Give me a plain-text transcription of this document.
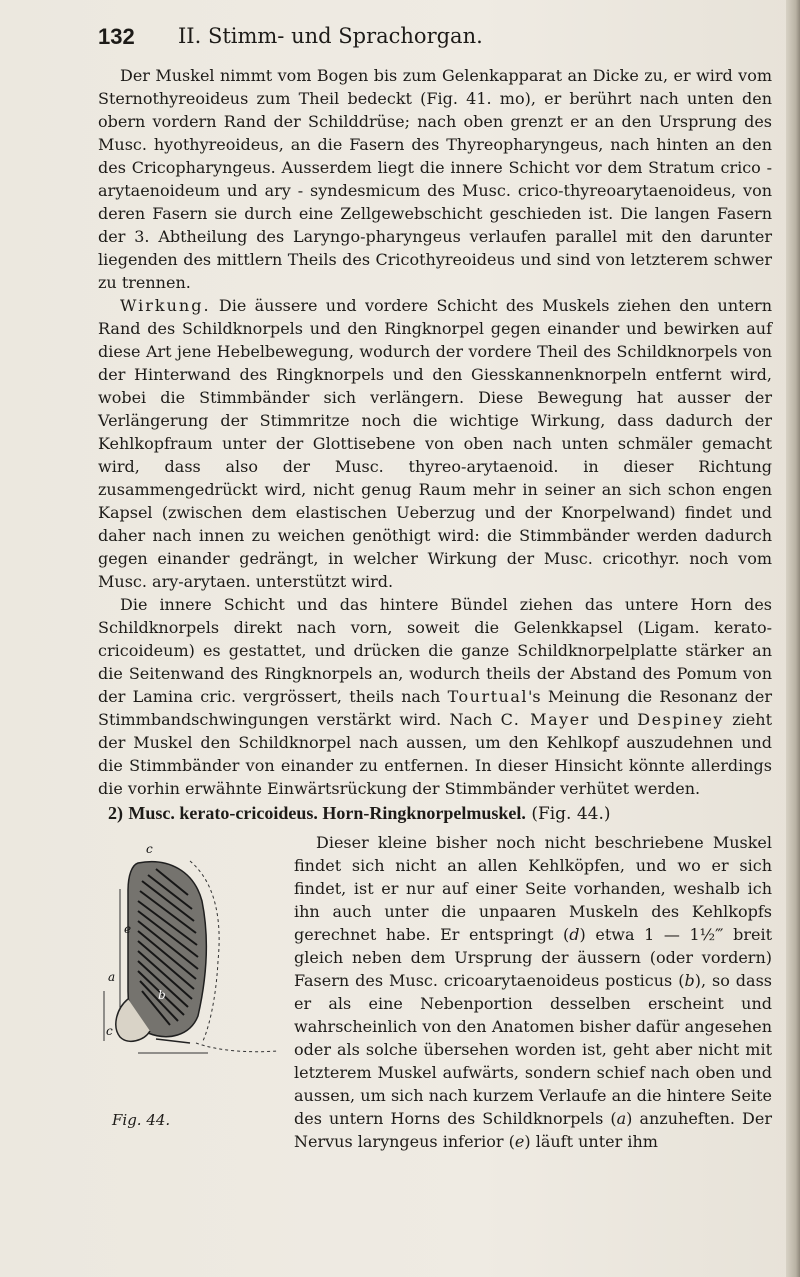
132 II. Stimm- und Sprachorgan.

Der Muskel nimmt vom Bogen bis zum Gelenkapparat an Dicke zu, er wird vom Sternothyreoideus zum Theil bedeckt (Fig. 41. mo), er berührt nach unten den obern vordern Rand der Schilddrüse; nach oben grenzt er an den Ursprung des Musc. hyothyreoideus, an die Fasern des Thyreopharyngeus, nach hinten an den des Cricopharyngeus. Ausserdem liegt die innere Schicht vor dem Stratum crico - arytaenoideum und ary - syndesmicum des Musc. crico-thyreoarytaenoideus, von deren Fasern sie durch eine Zellgewebschicht geschieden ist. Die langen Fasern der 3. Abtheilung des Laryngo-pharyngeus verlaufen parallel mit den darunter liegenden des mittlern Theils des Cricothyreoideus und sind von letzterem schwer zu trennen.

Wirkung. Die äussere und vordere Schicht des Muskels ziehen den untern Rand des Schildknorpels und den Ringknorpel gegen einander und bewirken auf diese Art jene Hebelbewegung, wodurch der vordere Theil des Schildknorpels von der Hinterwand des Ringknorpels und den Giesskannenknorpeln entfernt wird, wobei die Stimmbänder sich verlängern. Diese Bewegung hat ausser der Verlängerung der Stimmritze noch die wichtige Wirkung, dass dadurch der Kehlkopfraum unter der Glottisebene von oben nach unten schmäler gemacht wird, dass also der Musc. thyreo-arytaenoid. in dieser Richtung zusammengedrückt wird, nicht genug Raum mehr in seiner an sich schon engen Kapsel (zwischen dem elastischen Ueberzug und der Knorpelwand) findet und daher nach innen zu weichen genöthigt wird: die Stimmbänder werden dadurch gegen einander gedrängt, in welcher Wirkung der Musc. cricothyr. noch vom Musc. ary-arytaen. unterstützt wird.

Die innere Schicht und das hintere Bündel ziehen das untere Horn des Schildknorpels direkt nach vorn, soweit die Gelenkkapsel (Ligam. kerato-cricoideum) es gestattet, und drücken die ganze Schildknorpelplatte stärker an die Seitenwand des Ringknorpels an, wodurch theils der Abstand des Pomum von der Lamina cric. vergrössert, theils nach Tourtual's Meinung die Resonanz der Stimmbandschwingungen verstärkt wird. Nach C. Mayer und Despiney zieht der Muskel den Schildknorpel nach aussen, um den Kehlkopf auszudehnen und die Stimmbänder von einander zu entfernen. In dieser Hinsicht könnte allerdings die vorhin erwähnte Einwärtsrückung der Stimmbänder verhütet werden.

2) Musc. kerato-cricoideus. Horn-Ringknorpelmuskel. (Fig. 44.)

c
e
a
b
c
Fig. 44.

Dieser kleine bisher noch nicht beschriebene Muskel findet sich nicht an allen Kehlköpfen, und wo er sich findet, ist er nur auf einer Seite vorhanden, weshalb ich ihn auch unter die unpaaren Muskeln des Kehlkopfs gerechnet habe. Er entspringt (d) etwa 1 — 1½‴ breit gleich neben dem Ursprung der äussern (oder vordern) Fasern des Musc. cricoarytaenoideus posticus (b), so dass er als eine Nebenportion desselben erscheint und wahrscheinlich von den Anatomen bisher dafür angesehen oder als solche übersehen worden ist, geht aber nicht mit letzterem Muskel aufwärts, sondern schief nach oben und aussen, um sich nach kurzem Verlaufe an die hintere Seite des untern Horns des Schildknorpels (a) anzuheften. Der Nervus laryngeus inferior (e) läuft unter ihm
